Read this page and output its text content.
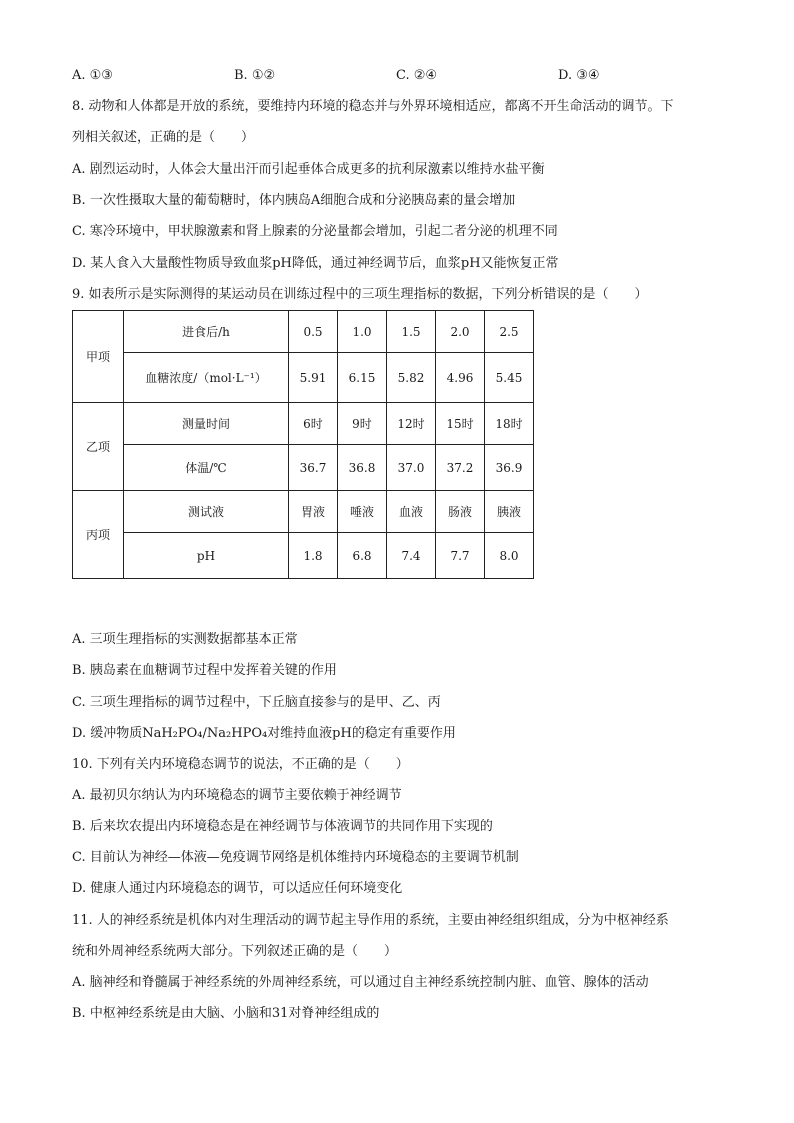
A. ①③	B. ①②	C. ②④	D. ③④
8. 动物和人体都是开放的系统，要维持内环境的稳态并与外界环境相适应，都离不开生命活动的调节。下
列相关叙述，正确的是（　　）
A. 剧烈运动时，人体会大量出汗而引起垂体合成更多的抗利尿激素以维持水盐平衡
B. 一次性摄取大量的葡萄糖时，体内胰岛A细胞合成和分泌胰岛素的量会增加
C. 寒冷环境中，甲状腺激素和肾上腺素的分泌量都会增加，引起二者分泌的机理不同
D. 某人食入大量酸性物质导致血浆pH降低，通过神经调节后，血浆pH又能恢复正常
9. 如表所示是实际测得的某运动员在训练过程中的三项生理指标的数据，下列分析错误的是（　　）
甲项	进食后/h	0.5	1.0	1.5	2.0	2.5
	血糖浓度/（mol·L⁻¹）	5.91	6.15	5.82	4.96	5.45
乙项	测量时间	6时	9时	12时	15时	18时
	体温/℃	36.7	36.8	37.0	37.2	36.9
丙项	测试液	胃液	唾液	血液	肠液	胰液
	pH	1.8	6.8	7.4	7.7	8.0
A. 三项生理指标的实测数据都基本正常
B. 胰岛素在血糖调节过程中发挥着关键的作用
C. 三项生理指标的调节过程中，下丘脑直接参与的是甲、乙、丙
D. 缓冲物质NaH₂PO₄/Na₂HPO₄对维持血液pH的稳定有重要作用
10. 下列有关内环境稳态调节的说法，不正确的是（　　）
A. 最初贝尔纳认为内环境稳态的调节主要依赖于神经调节
B. 后来坎农提出内环境稳态是在神经调节与体液调节的共同作用下实现的
C. 目前认为神经—体液—免疫调节网络是机体维持内环境稳态的主要调节机制
D. 健康人通过内环境稳态的调节，可以适应任何环境变化
11. 人的神经系统是机体内对生理活动的调节起主导作用的系统，主要由神经组织组成，分为中枢神经系
统和外周神经系统两大部分。下列叙述正确的是（　　）
A. 脑神经和脊髓属于神经系统的外周神经系统，可以通过自主神经系统控制内脏、血管、腺体的活动
B. 中枢神经系统是由大脑、小脑和31对脊神经组成的
